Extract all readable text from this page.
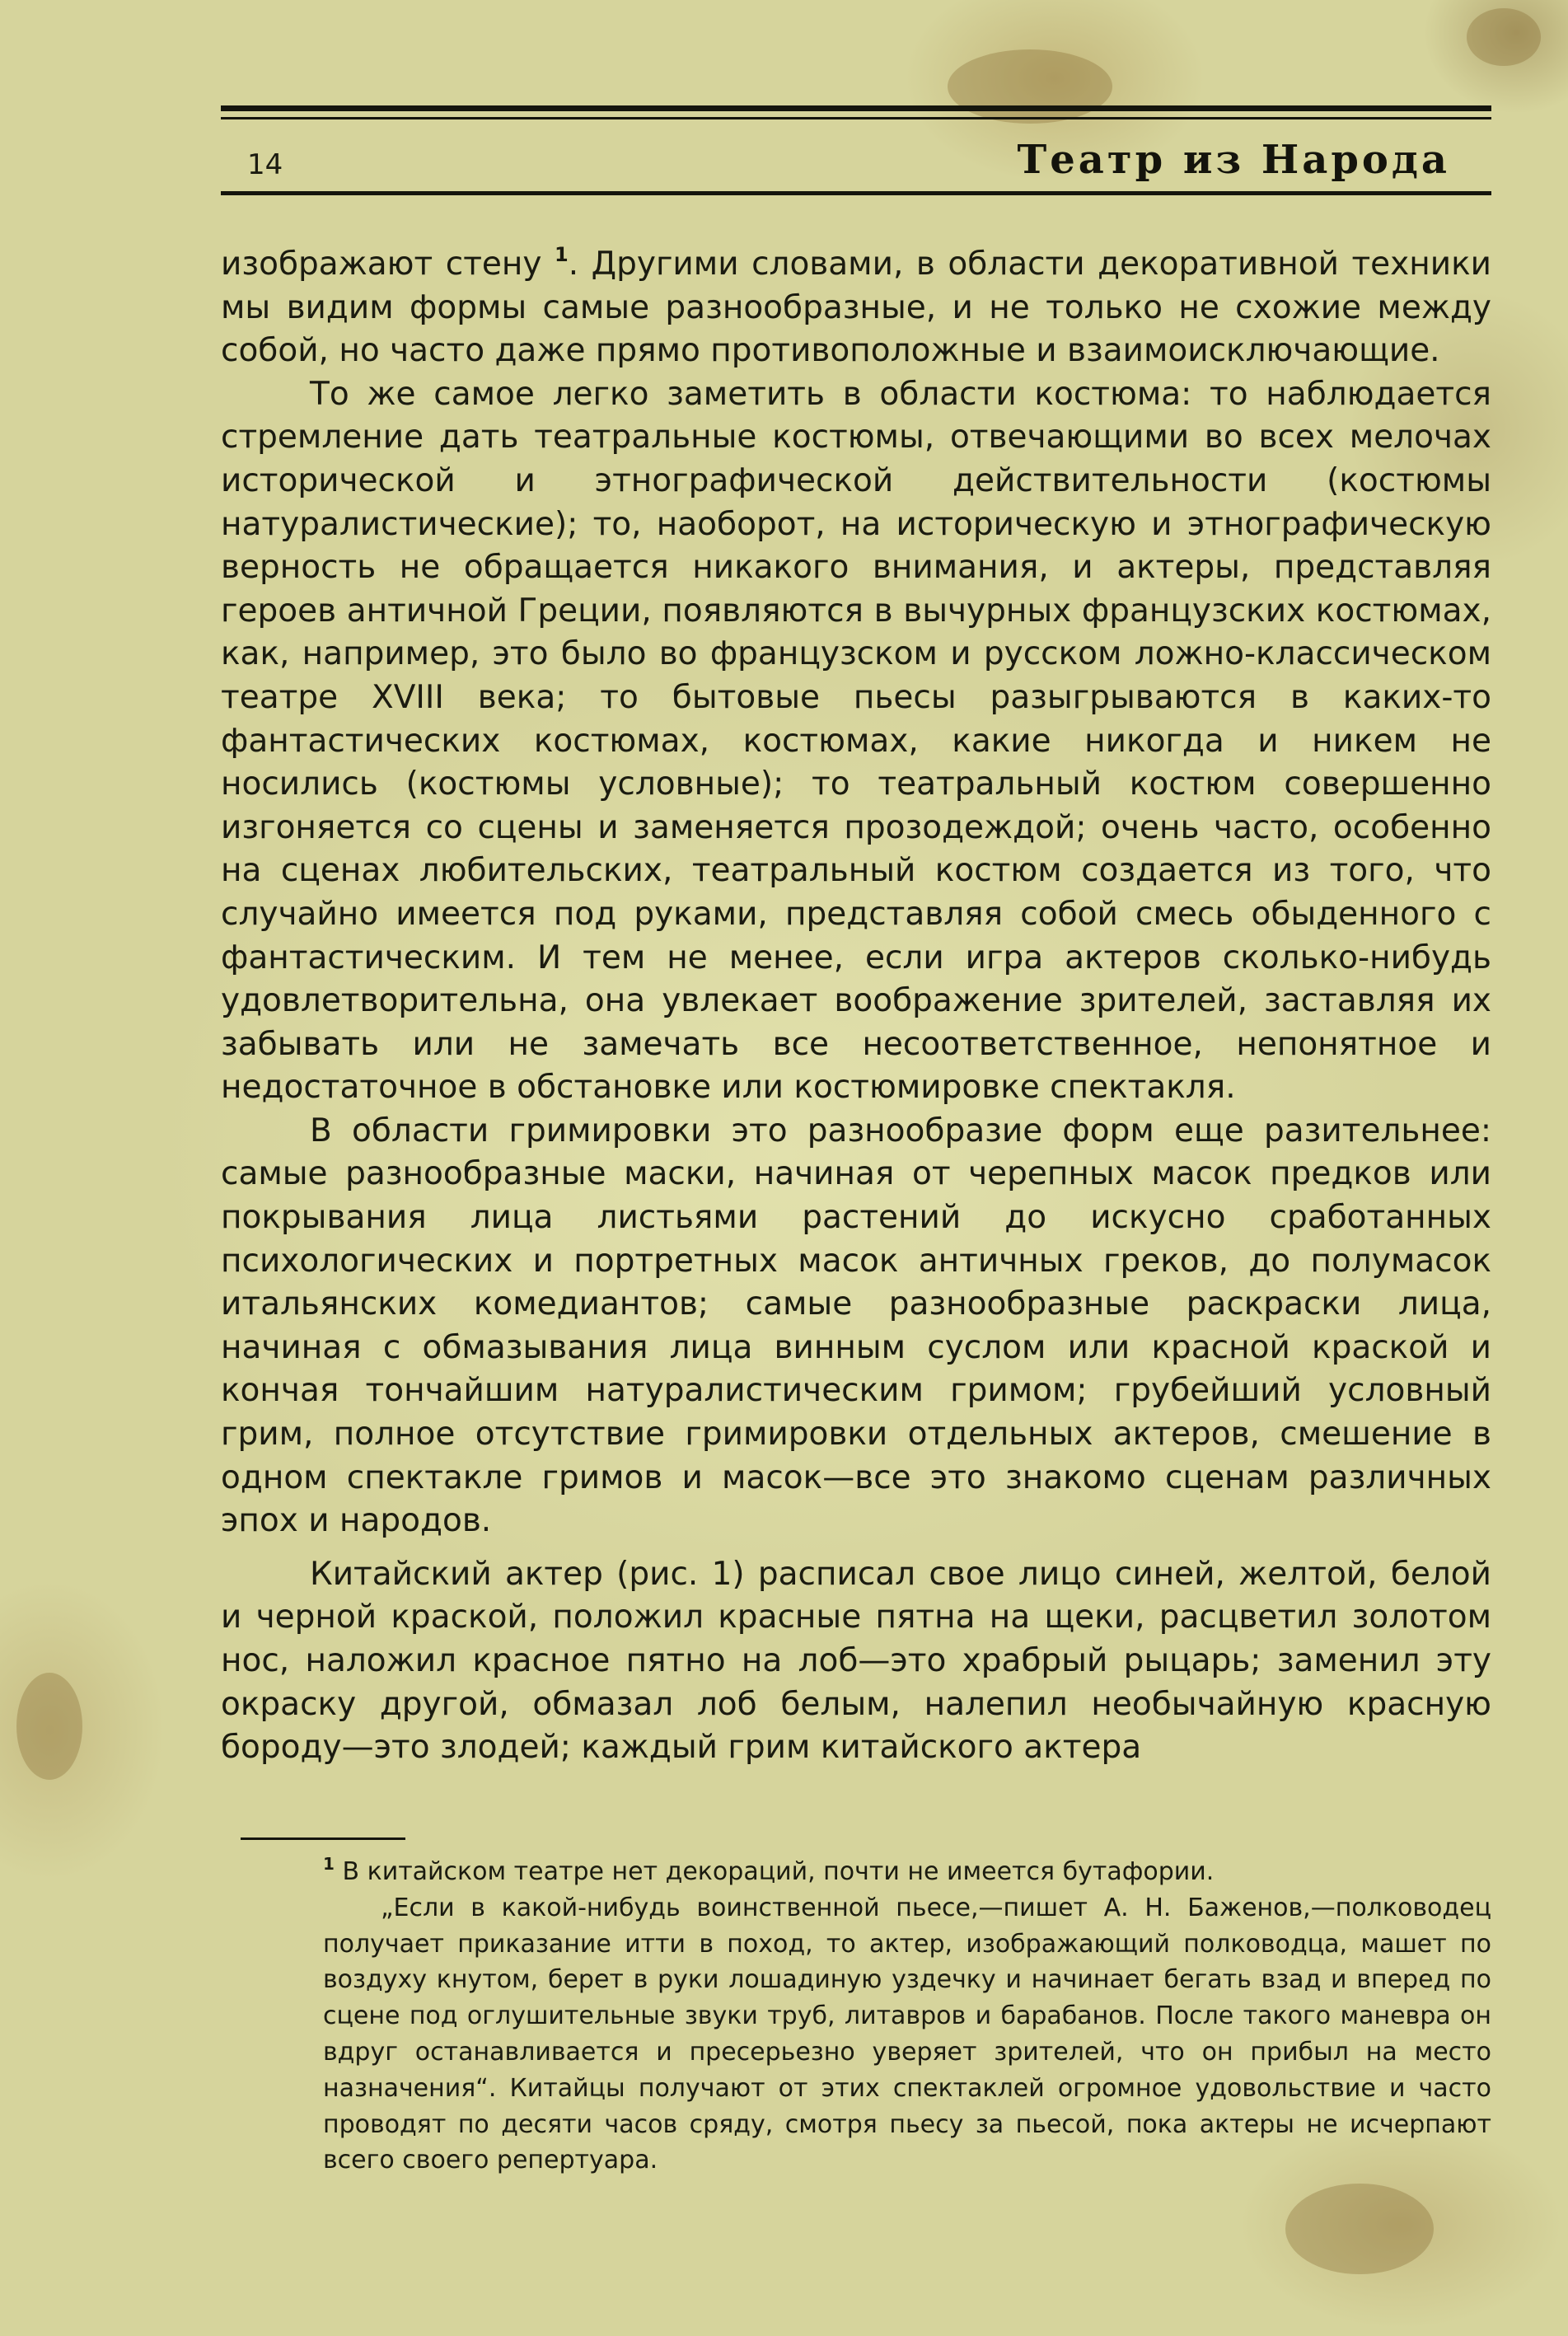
14	Театр из Народа

изображают стену $^1$. Другими словами, в области декоративной техники мы видим формы самые разнообразные, и не только не схожие между собой, но часто даже прямо противоположные и взаимоисключающие.

То же самое легко заметить в области костюма: то наблюдается стремление дать театральные костюмы, отвечающими во всех мелочах исторической и этнографической действительности (костюмы натуралистические); то, наоборот, на историческую и этнографическую верность не обращается никакого внимания, и актеры, представляя героев античной Греции, появляются в вычурных французских костюмах, как, например, это было во французском и русском ложно-классическом театре XVIII века; то бытовые пьесы разыгрываются в каких-то фантастических костюмах, костюмах, какие никогда и никем не носились (костюмы условные); то театральный костюм совершенно изгоняется со сцены и заменяется прозодеждой; очень часто, особенно на сценах любительских, театральный костюм создается из того, что случайно имеется под руками, представляя собой смесь обыденного с фантастическим. И тем не менее, если игра актеров сколько-нибудь удовлетворительна, она увлекает воображение зрителей, заставляя их забывать или не замечать все несоответственное, непонятное и недостаточное в обстановке или костюмировке спектакля.

В области гримировки это разнообразие форм еще разительнее: самые разнообразные маски, начиная от черепных масок предков или покрывания лица листьями растений до искусно сработанных психологических и портретных масок античных греков, до полумасок итальянских комедиантов; самые разнообразные раскраски лица, начиная с обмазывания лица винным суслом или красной краской и кончая тончайшим натуралистическим гримом; грубейший условный грим, полное отсутствие гримировки отдельных актеров, смешение в одном спектакле гримов и масок—все это знакомо сценам различных эпох и народов.

Китайский актер (рис. 1) расписал свое лицо синей, желтой, белой и черной краской, положил красные пятна на щеки, расцветил золотом нос, наложил красное пятно на лоб—это храбрый рыцарь; заменил эту окраску другой, обмазал лоб белым, налепил необычайную красную бороду—это злодей; каждый грим китайского актера

$^1$ В китайском театре нет декораций, почти не имеется бутафории.

„Если в какой-нибудь воинственной пьесе,—пишет А. Н. Баженов,—полководец получает приказание итти в поход, то актер, изображающий полководца, машет по воздуху кнутом, берет в руки лошадиную уздечку и начинает бегать взад и вперед по сцене под оглушительные звуки труб, литавров и барабанов. После такого маневра он вдруг останавливается и пресерьезно уверяет зрителей, что он прибыл на место назначения“. Китайцы получают от этих спектаклей огромное удовольствие и часто проводят по десяти часов сряду, смотря пьесу за пьесой, пока актеры не исчерпают всего своего репертуара.
